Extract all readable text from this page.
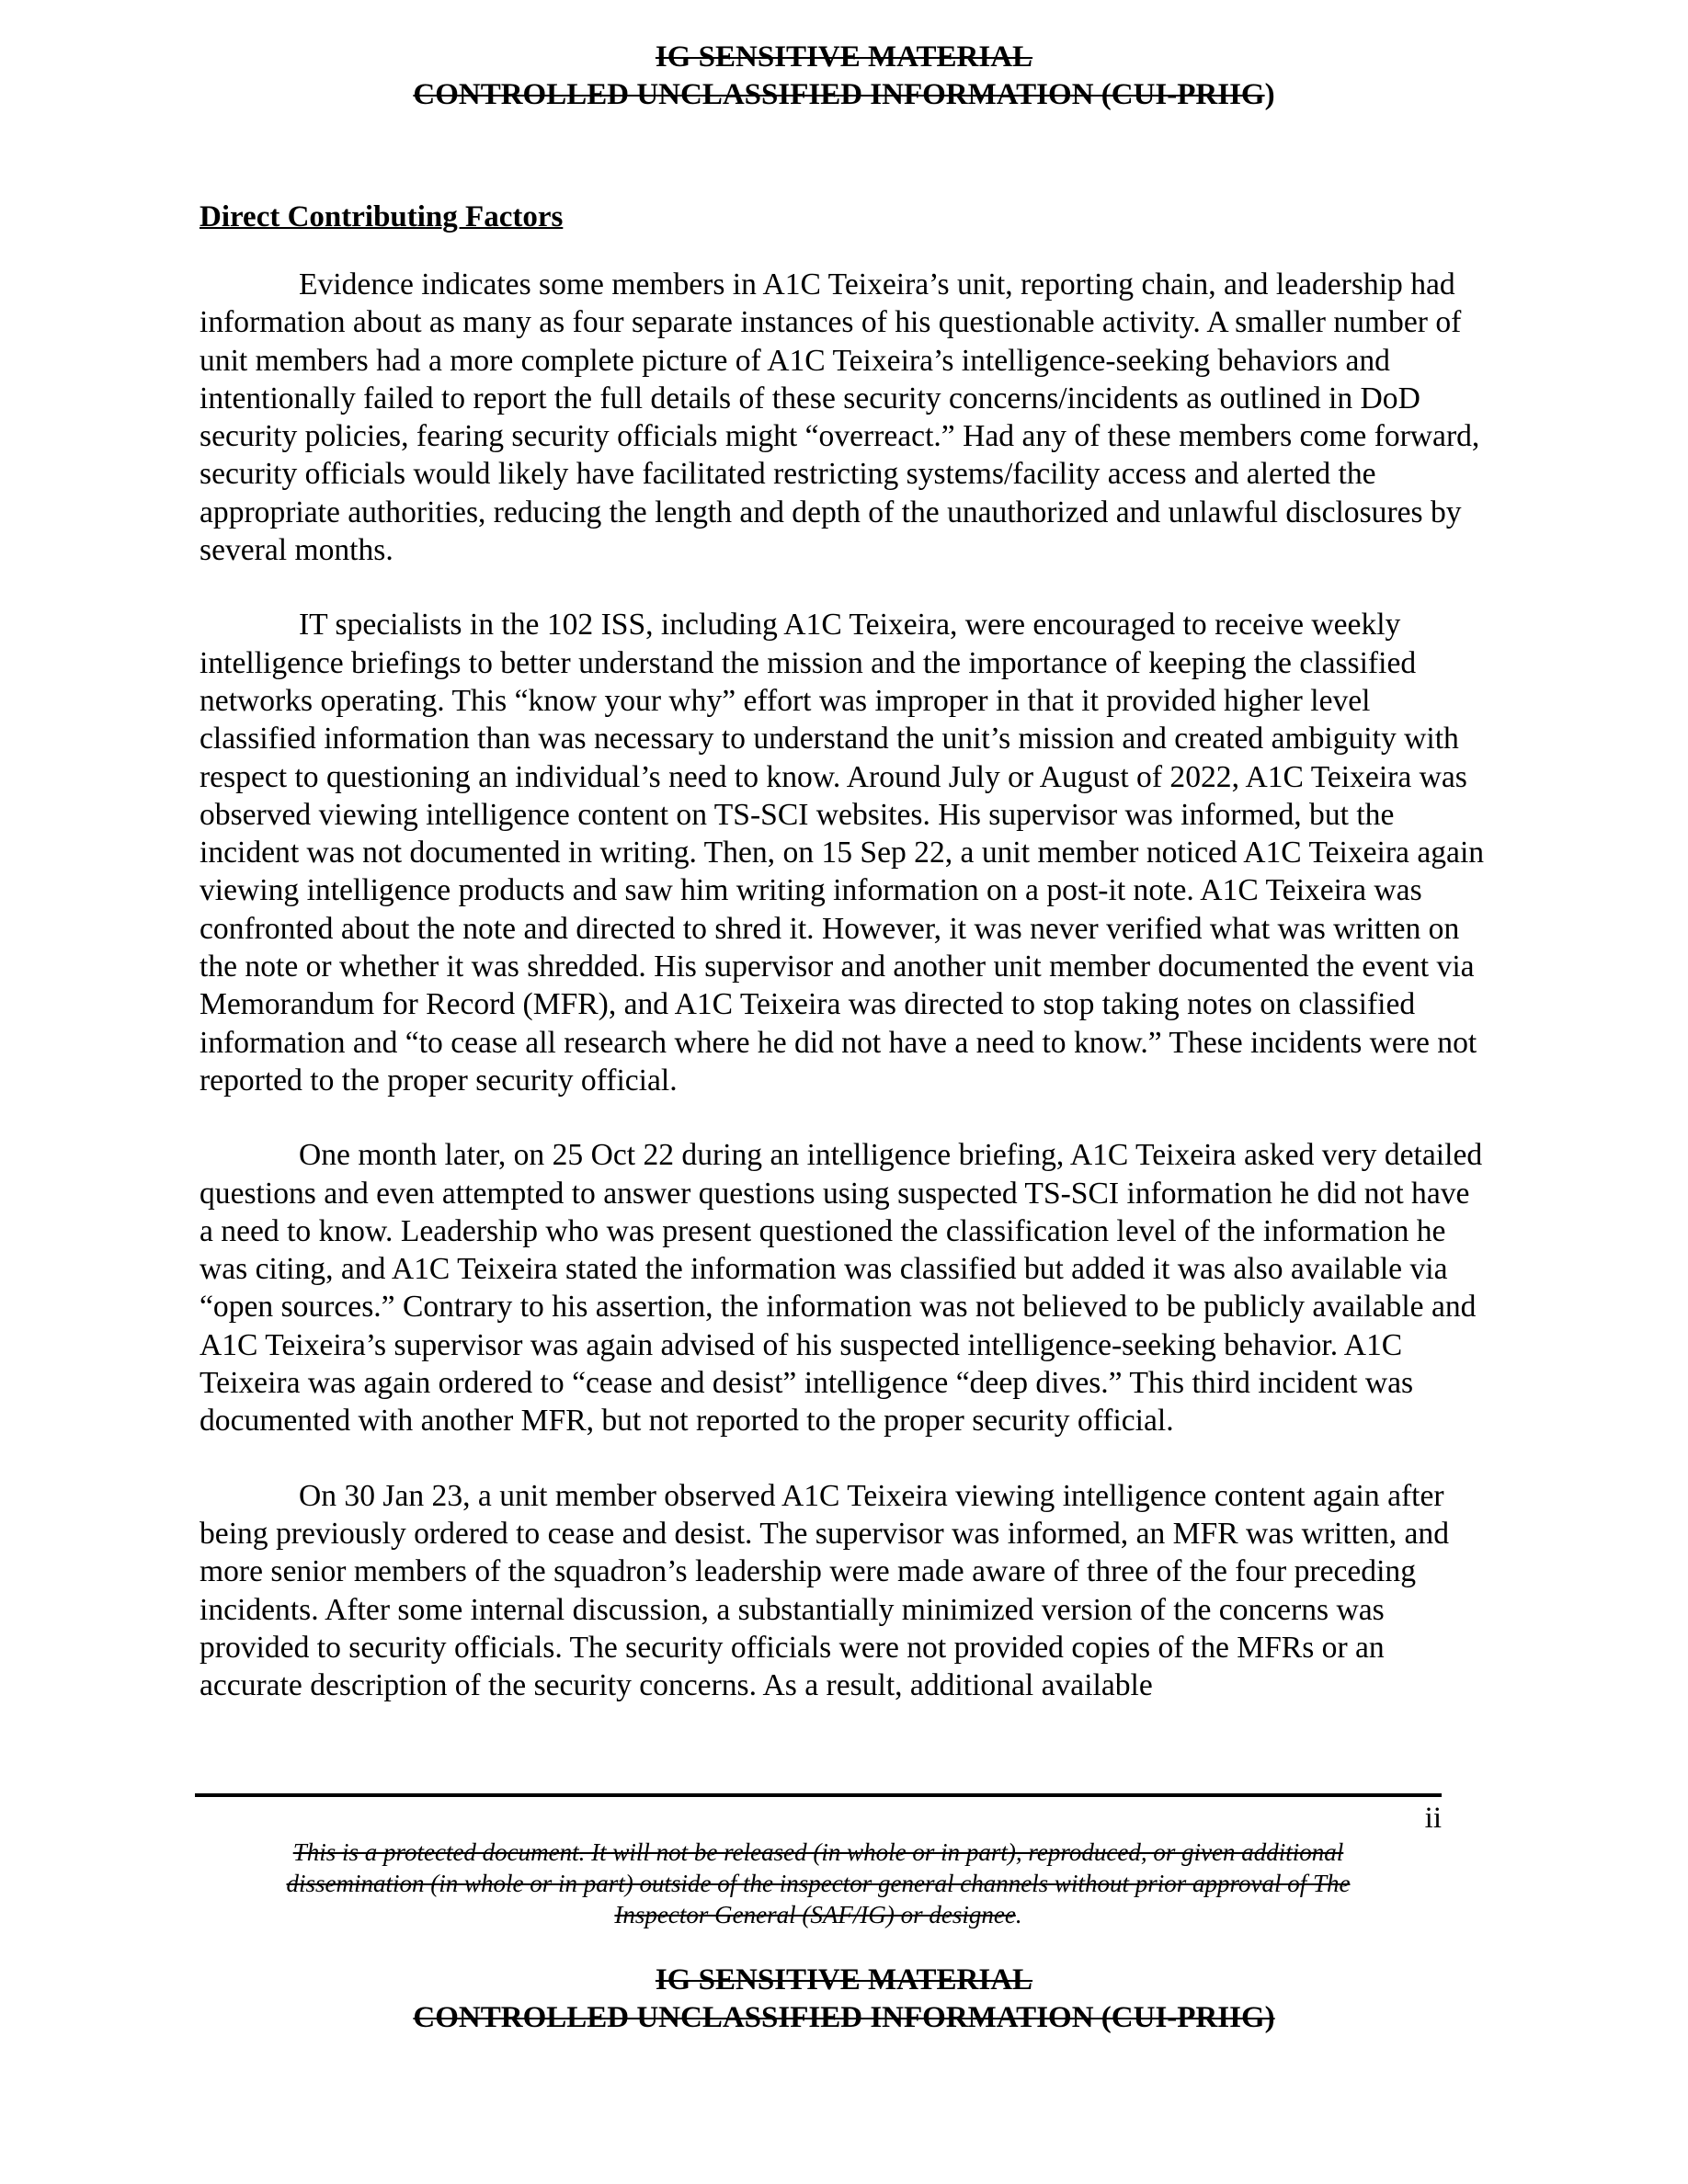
IG SENSITIVE MATERIAL
CONTROLLED UNCLASSIFIED INFORMATION (CUI-PRIIG)
Direct Contributing Factors

Evidence indicates some members in A1C Teixeira’s unit, reporting chain, and leadership had information about as many as four separate instances of his questionable activity. A smaller number of unit members had a more complete picture of A1C Teixeira’s intelligence-seeking behaviors and intentionally failed to report the full details of these security concerns/incidents as outlined in DoD security policies, fearing security officials might “overreact.” Had any of these members come forward, security officials would likely have facilitated restricting systems/facility access and alerted the appropriate authorities, reducing the length and depth of the unauthorized and unlawful disclosures by several months.

IT specialists in the 102 ISS, including A1C Teixeira, were encouraged to receive weekly intelligence briefings to better understand the mission and the importance of keeping the classified networks operating. This “know your why” effort was improper in that it provided higher level classified information than was necessary to understand the unit’s mission and created ambiguity with respect to questioning an individual’s need to know. Around July or August of 2022, A1C Teixeira was observed viewing intelligence content on TS-SCI websites. His supervisor was informed, but the incident was not documented in writing. Then, on 15 Sep 22, a unit member noticed A1C Teixeira again viewing intelligence products and saw him writing information on a post-it note. A1C Teixeira was confronted about the note and directed to shred it. However, it was never verified what was written on the note or whether it was shredded. His supervisor and another unit member documented the event via Memorandum for Record (MFR), and A1C Teixeira was directed to stop taking notes on classified information and “to cease all research where he did not have a need to know.” These incidents were not reported to the proper security official.

One month later, on 25 Oct 22 during an intelligence briefing, A1C Teixeira asked very detailed questions and even attempted to answer questions using suspected TS-SCI information he did not have a need to know. Leadership who was present questioned the classification level of the information he was citing, and A1C Teixeira stated the information was classified but added it was also available via “open sources.” Contrary to his assertion, the information was not believed to be publicly available and A1C Teixeira’s supervisor was again advised of his suspected intelligence-seeking behavior. A1C Teixeira was again ordered to “cease and desist” intelligence “deep dives.” This third incident was documented with another MFR, but not reported to the proper security official.

On 30 Jan 23, a unit member observed A1C Teixeira viewing intelligence content again after being previously ordered to cease and desist. The supervisor was informed, an MFR was written, and more senior members of the squadron’s leadership were made aware of three of the four preceding incidents. After some internal discussion, a substantially minimized version of the concerns was provided to security officials. The security officials were not provided copies of the MFRs or an accurate description of the security concerns. As a result, additional available

ii
This is a protected document. It will not be released (in whole or in part), reproduced, or given additional
dissemination (in whole or in part) outside of the inspector general channels without prior approval of The
Inspector General (SAF/IG) or designee.
IG SENSITIVE MATERIAL
CONTROLLED UNCLASSIFIED INFORMATION (CUI-PRIIG)
